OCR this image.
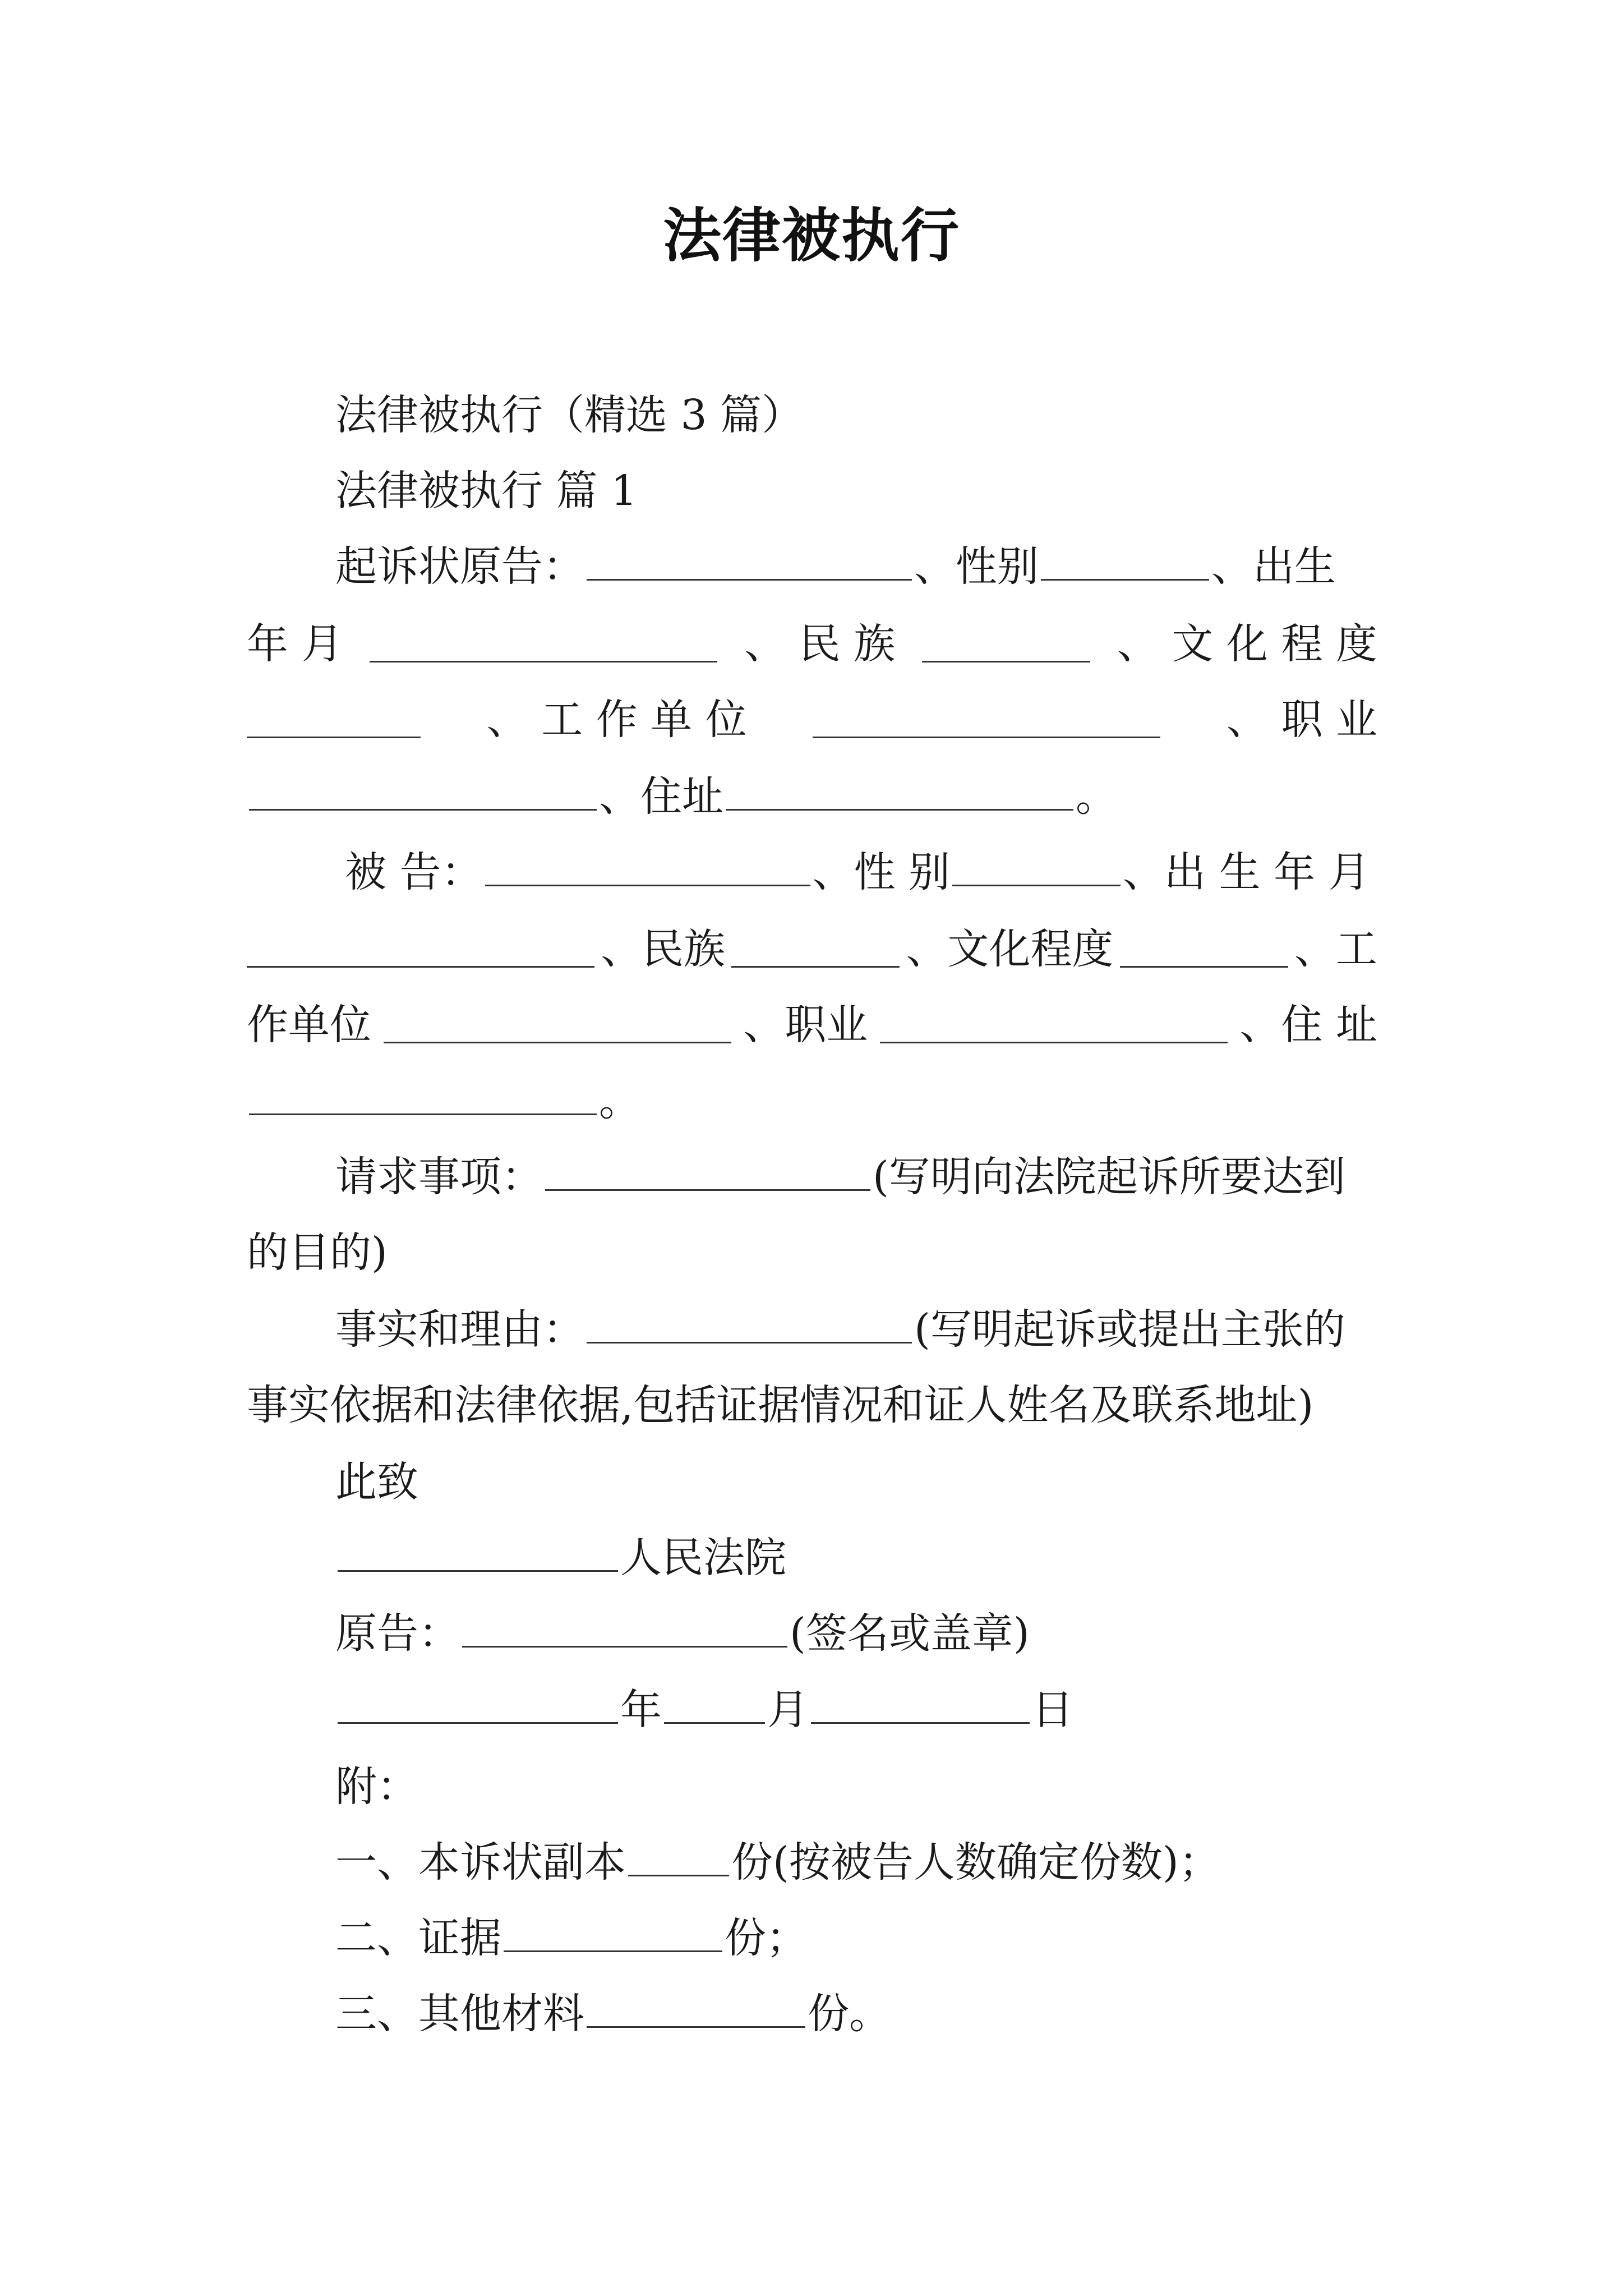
法律被执行
法律被执行（精选 3 篇）
法律被执行 篇 1
起诉状原告：	、性别	、出生
年 月	、 民 族	、 文 化 程 度
、 工 作 单 位	、 职 业
、住址	。
被 告：	、性 别	、出 生 年 月
、民族	、文化程度	、工
作单位	、职业	、住 址
。
请求事项：	(写明向法院起诉所要达到
的目的)
事实和理由：	(写明起诉或提出主张的
事实依据和法律依据,包括证据情况和证人姓名及联系地址)
此致
人民法院
原告：	(签名或盖章)
年	月	日
附：
一、本诉状副本	份(按被告人数确定份数)；
二、证据	份；
三、其他材料	份。
